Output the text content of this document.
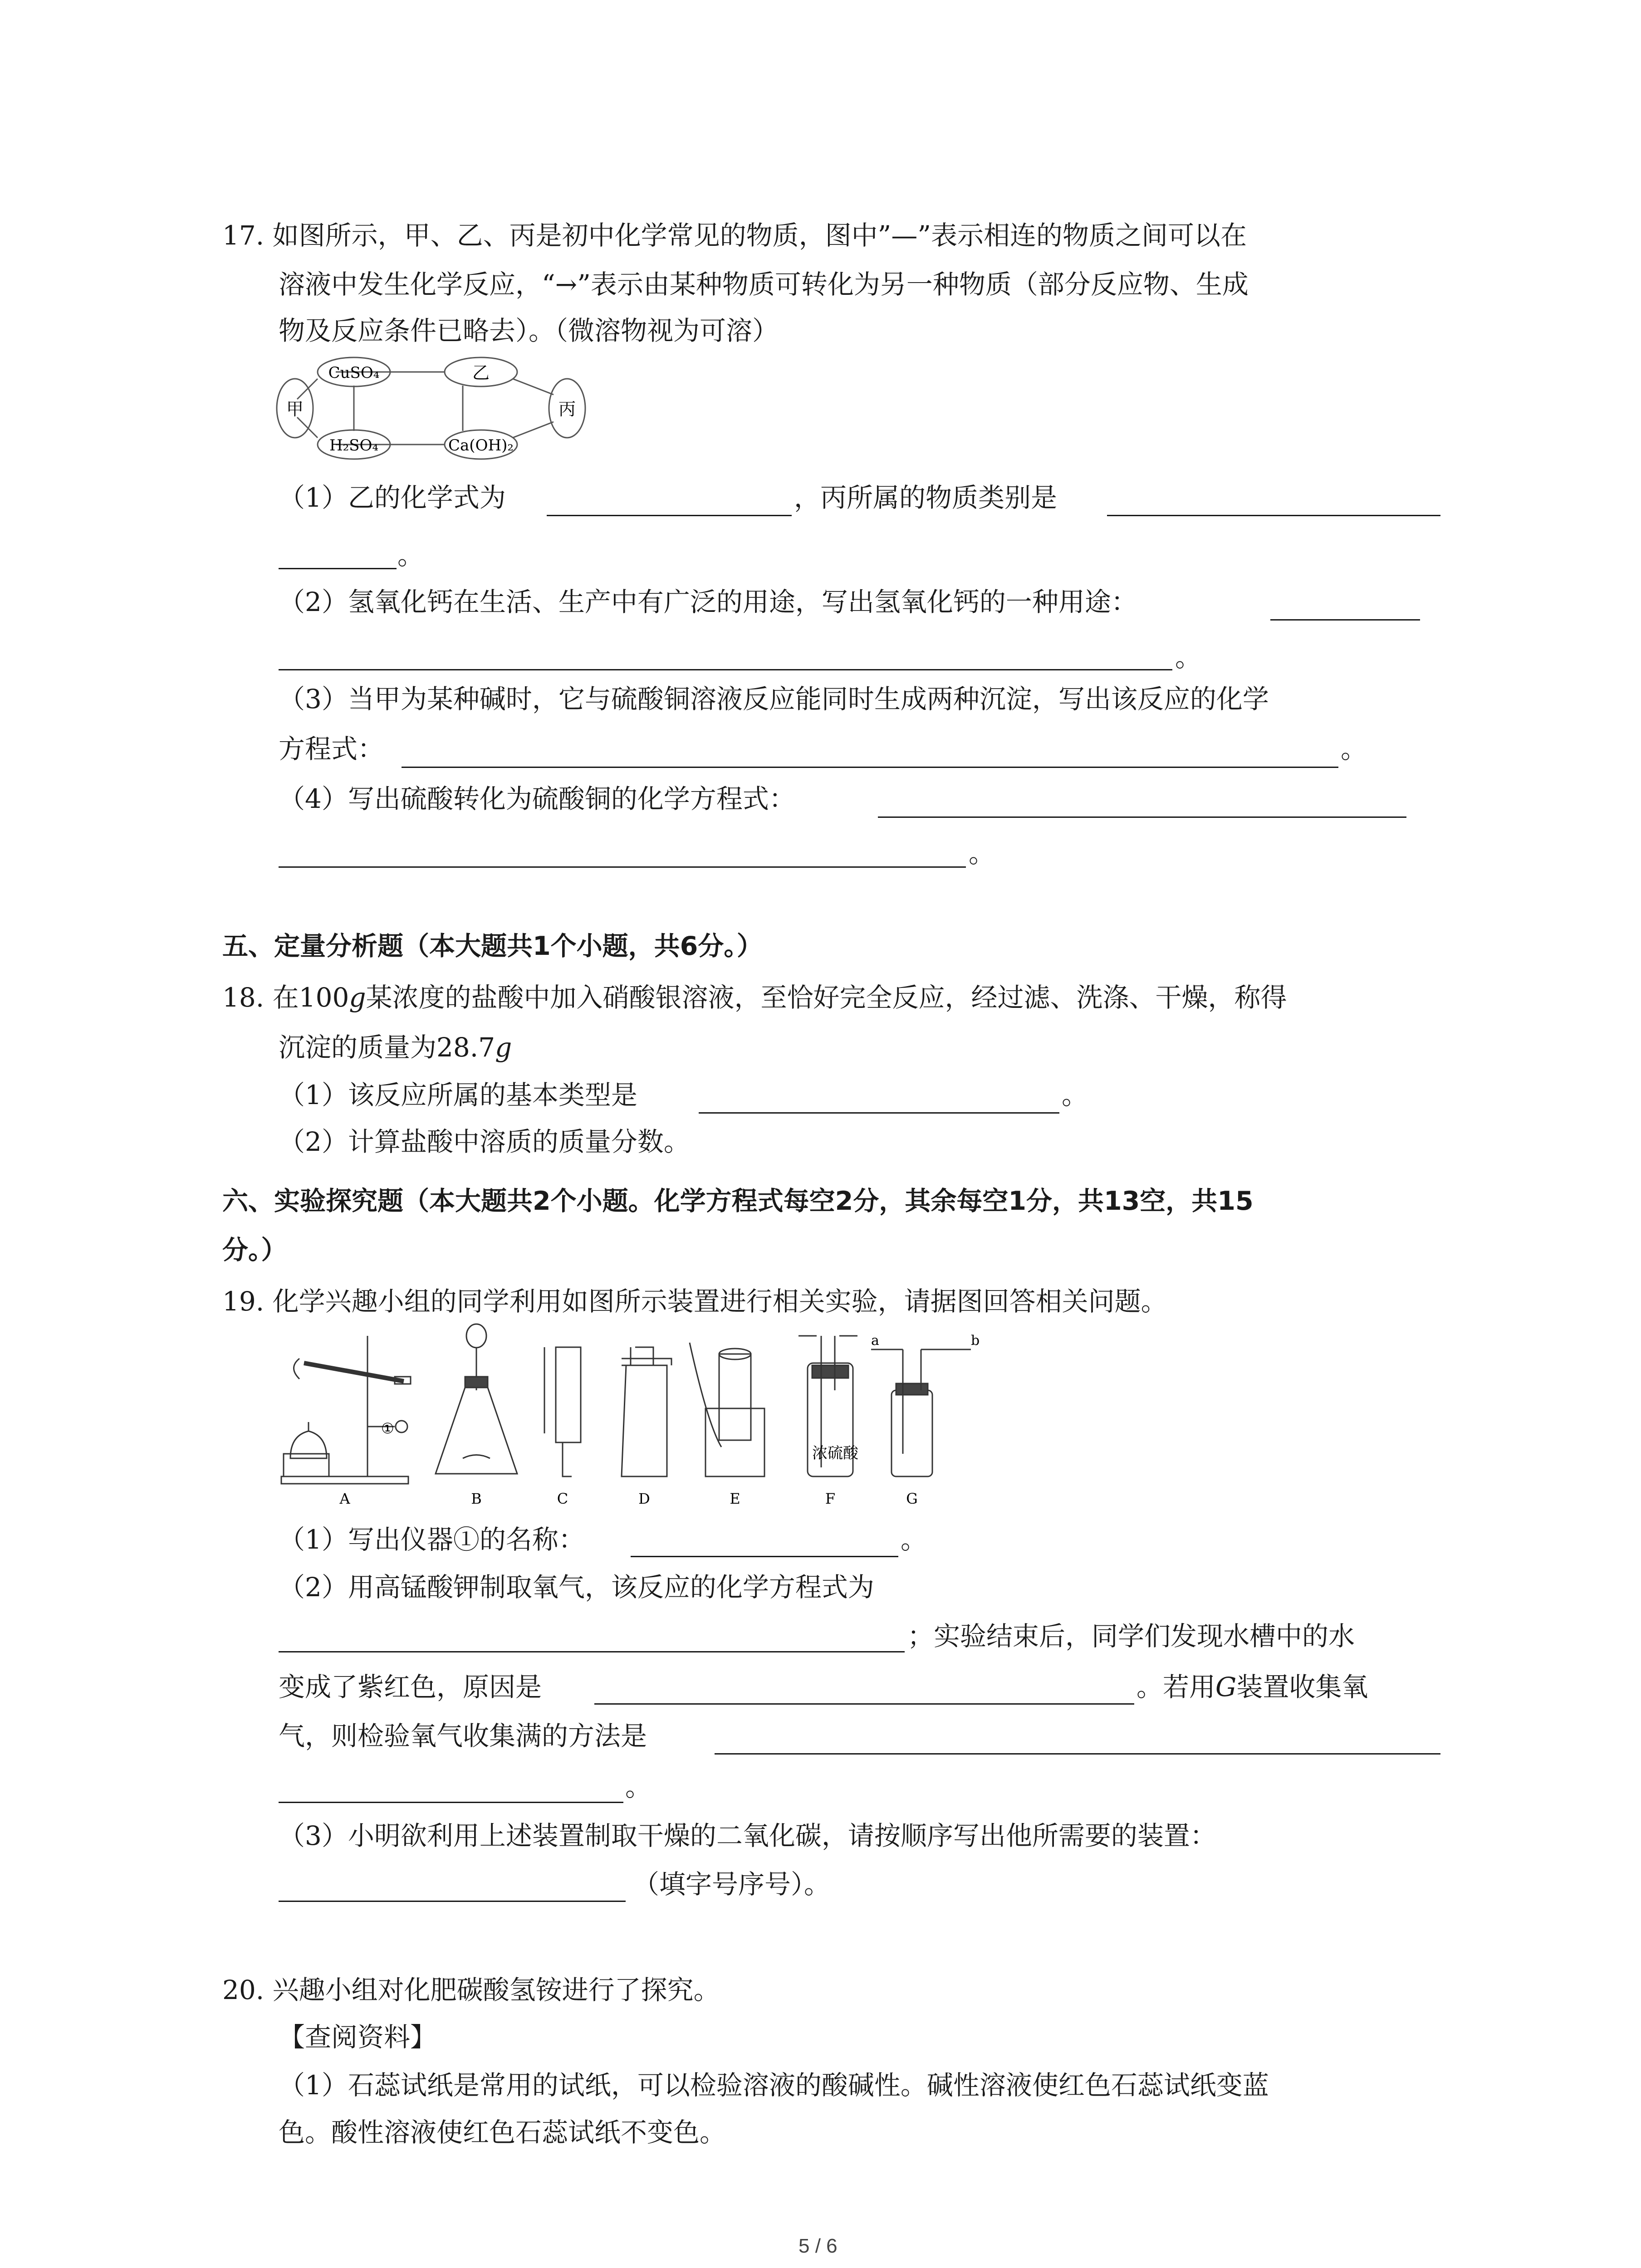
17. 如图所示，甲、乙、丙是初中化学常见的物质，图中”—”表示相连的物质之间可以在
溶液中发生化学反应，“→”表示由某种物质可转化为另一种物质（部分反应物、生成
物及反应条件已略去）。（微溶物视为可溶）
甲
CuSO₄	乙
丙
H₂SO₄	Ca(OH)₂
（1）乙的化学式为	，丙所属的物质类别是
。
（2）氢氧化钙在生活、生产中有广泛的用途，写出氢氧化钙的一种用途：
。
（3）当甲为某种碱时，它与硫酸铜溶液反应能同时生成两种沉淀，写出该反应的化学
方程式：	。
（4）写出硫酸转化为硫酸铜的化学方程式：
。
五、定量分析题（本大题共1个小题，共6分。）
18. 在100g某浓度的盐酸中加入硝酸银溶液，至恰好完全反应，经过滤、洗涤、干燥，称得
沉淀的质量为28.7g
（1）该反应所属的基本类型是	。
（2）计算盐酸中溶质的质量分数。
六、实验探究题（本大题共2个小题。化学方程式每空2分，其余每空1分，共13空，共15
分。）
19. 化学兴趣小组的同学利用如图所示装置进行相关实验，请据图回答相关问题。
①
浓硫酸
a	b
A	B	C	D	E	F	G
（1）写出仪器①的名称：	。
（2）用高锰酸钾制取氧气，该反应的化学方程式为
；实验结束后，同学们发现水槽中的水
变成了紫红色，原因是	。若用G装置收集氧
气，则检验氧气收集满的方法是
。
（3）小明欲利用上述装置制取干燥的二氧化碳，请按顺序写出他所需要的装置：
（填字号序号）。
20. 兴趣小组对化肥碳酸氢铵进行了探究。
【查阅资料】
（1）石蕊试纸是常用的试纸，可以检验溶液的酸碱性。碱性溶液使红色石蕊试纸变蓝
色。酸性溶液使红色石蕊试纸不变色。
5 / 6
